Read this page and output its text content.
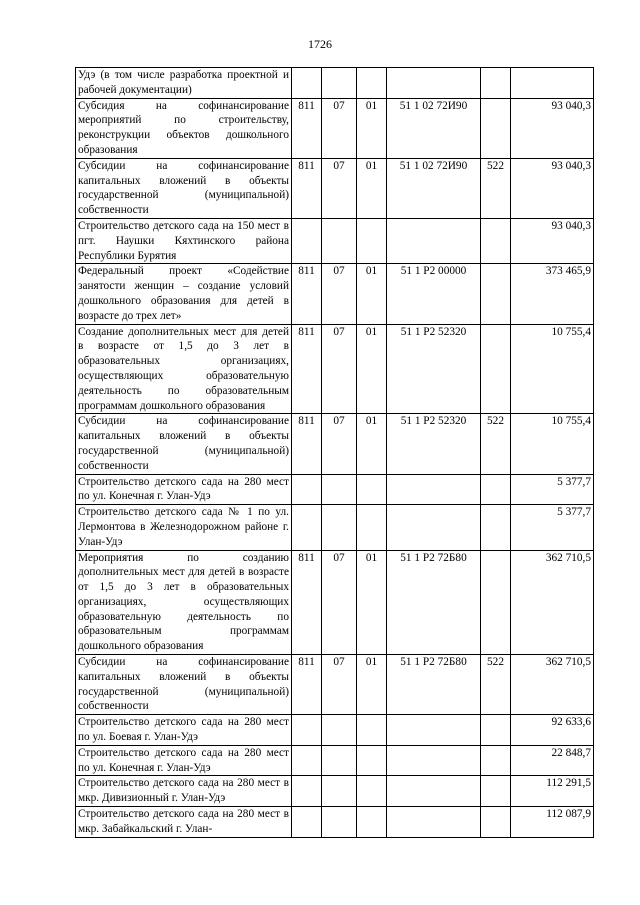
1726
Удэ (в том числе разработка проектной и рабочей документации)						
Субсидия на софинансирование мероприятий по строительству, реконструкции объектов дошкольного образования	811	07	01	51 1 02 72И90		93 040,3
Субсидии на софинансирование капитальных вложений в объекты государственной (муниципальной) собственности	811	07	01	51 1 02 72И90	522	93 040,3
Строительство детского сада на 150 мест в пгт. Наушки Кяхтинского района Республики Бурятия						93 040,3
Федеральный проект «Содействие занятости женщин – создание условий дошкольного образования для детей в возрасте до трех лет»	811	07	01	51 1 P2 00000		373 465,9
Создание дополнительных мест для детей в возрасте от 1,5 до 3 лет в образовательных организациях, осуществляющих образовательную деятельность по образовательным программам дошкольного образования	811	07	01	51 1 P2 52320		10 755,4
Субсидии на софинансирование капитальных вложений в объекты государственной (муниципальной) собственности	811	07	01	51 1 P2 52320	522	10 755,4
Строительство детского сада на 280 мест по ул. Конечная г. Улан-Удэ						5 377,7
Строительство детского сада № 1 по ул. Лермонтова в Железнодорожном районе г. Улан-Удэ						5 377,7
Мероприятия по созданию дополнительных мест для детей в возрасте от 1,5 до 3 лет в образовательных организациях, осуществляющих образовательную деятельность по образовательным программам дошкольного образования	811	07	01	51 1 P2 72Б80		362 710,5
Субсидии на софинансирование капитальных вложений в объекты государственной (муниципальной) собственности	811	07	01	51 1 P2 72Б80	522	362 710,5
Строительство детского сада на 280 мест по ул. Боевая г. Улан-Удэ						92 633,6
Строительство детского сада на 280 мест по ул. Конечная г. Улан-Удэ						22 848,7
Строительство детского сада на 280 мест в мкр. Дивизионный г. Улан-Удэ						112 291,5
Строительство детского сада на 280 мест в мкр. Забайкальский г. Улан-						112 087,9
